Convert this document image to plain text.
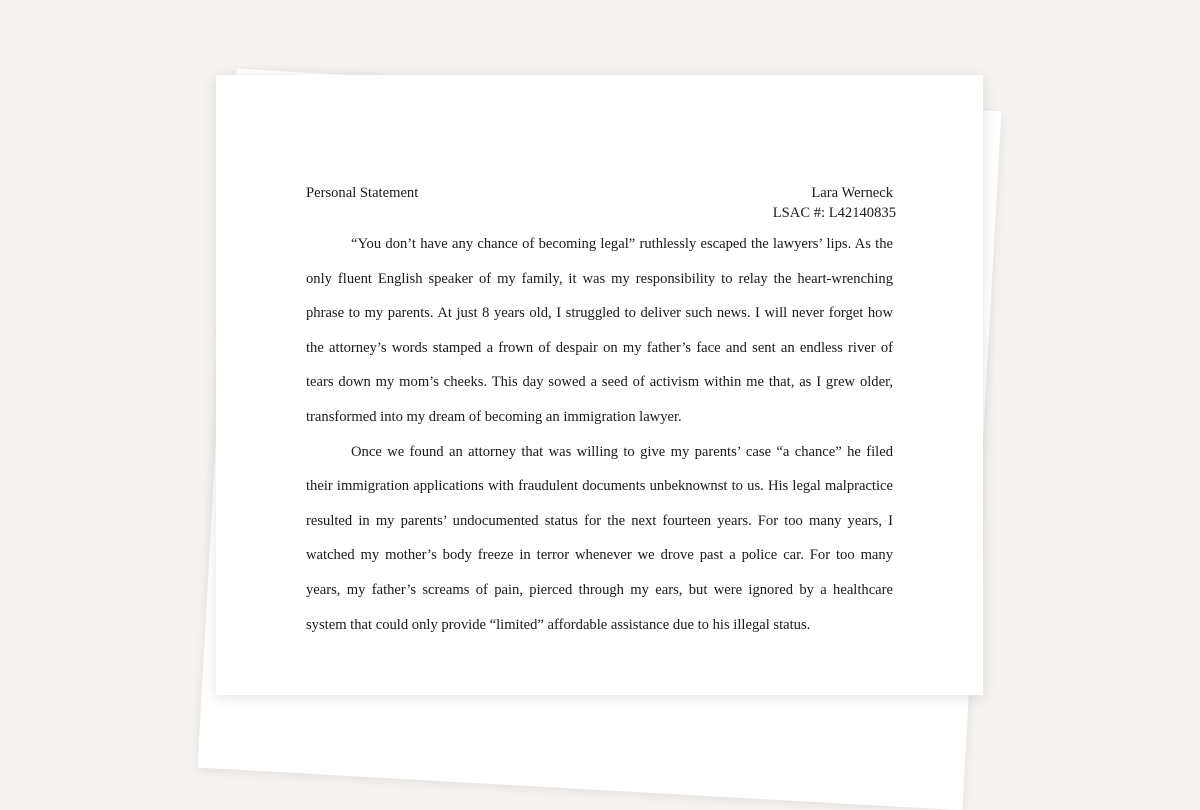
Personal Statement	Lara Werneck
LSAC #: L42140835

“You don’t have any chance of becoming legal” ruthlessly escaped the lawyers’ lips. As the only fluent English speaker of my family, it was my responsibility to relay the heart-wrenching phrase to my parents. At just 8 years old, I struggled to deliver such news. I will never forget how the attorney’s words stamped a frown of despair on my father’s face and sent an endless river of tears down my mom’s cheeks. This day sowed a seed of activism within me that, as I grew older, transformed into my dream of becoming an immigration lawyer.

Once we found an attorney that was willing to give my parents’ case “a chance” he filed their immigration applications with fraudulent documents unbeknownst to us. His legal malpractice resulted in my parents’ undocumented status for the next fourteen years. For too many years, I watched my mother’s body freeze in terror whenever we drove past a police car. For too many years, my father’s screams of pain, pierced through my ears, but were ignored by a healthcare system that could only provide “limited” affordable assistance due to his illegal status.
